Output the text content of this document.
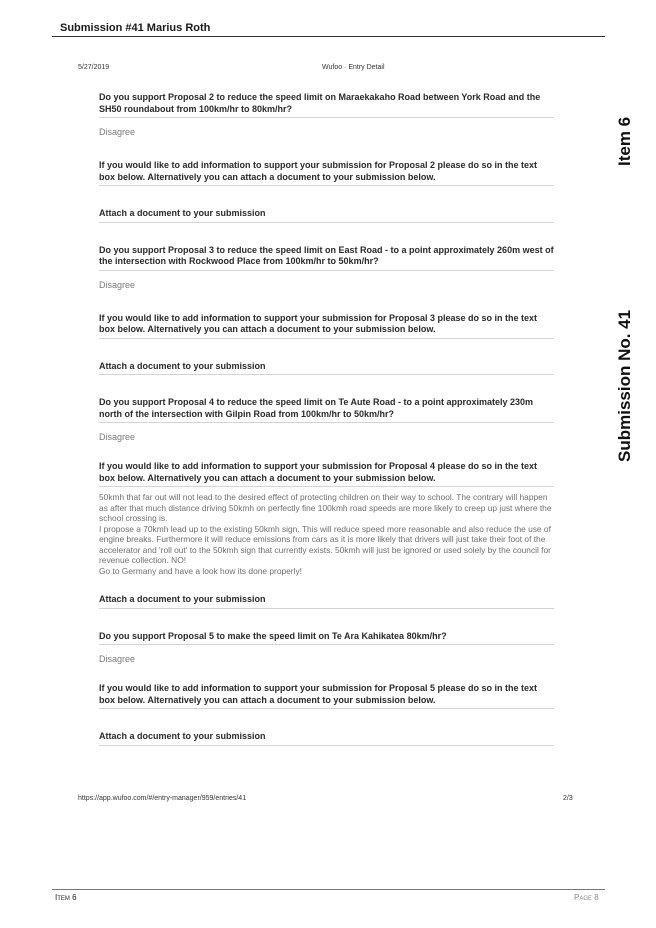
Submission #41 Marius Roth
5/27/2019	Wufoo · Entry Detail
Do you support Proposal 2 to reduce the speed limit on Maraekakaho Road between York Road and the SH50 roundabout from 100km/hr to 80km/hr?
Disagree
If you would like to add information to support your submission for Proposal 2 please do so in the text box below. Alternatively you can attach a document to your submission below.
Attach a document to your submission
Do you support Proposal 3 to reduce the speed limit on East Road - to a point approximately 260m west of the intersection with Rockwood Place from 100km/hr to 50km/hr?
Disagree
If you would like to add information to support your submission for Proposal 3 please do so in the text box below. Alternatively you can attach a document to your submission below.
Attach a document to your submission
Do you support Proposal 4 to reduce the speed limit on Te Aute Road - to a point approximately 230m north of the intersection with Gilpin Road from 100km/hr to 50km/hr?
Disagree
If you would like to add information to support your submission for Proposal 4 please do so in the text box below. Alternatively you can attach a document to your submission below.
50kmh that far out will not lead to the desired effect of protecting children on their way to school. The contrary will happen as after that much distance driving 50kmh on perfectly fine 100kmh road speeds are more likely to creep up just where the school crossing is.
I propose a 70kmh lead up to the existing 50kmh sign. This will reduce speed more reasonable and also reduce the use of engine breaks. Furthermore it will reduce emissions from cars as it is more likely that drivers will just take their foot of the accelerator and 'roll out' to the 50kmh sign that currently exists. 50kmh will just be ignored or used solely by the council for revenue collection. NO!
Go to Germany and have a look how its done properly!
Attach a document to your submission
Do you support Proposal 5 to make the speed limit on Te Ara Kahikatea 80km/hr?
Disagree
If you would like to add information to support your submission for Proposal 5 please do so in the text box below. Alternatively you can attach a document to your submission below.
Attach a document to your submission
Item 6
Submission No. 41
https://app.wufoo.com/#/entry-manager/959/entries/41	2/3
Item 6	Page 8
